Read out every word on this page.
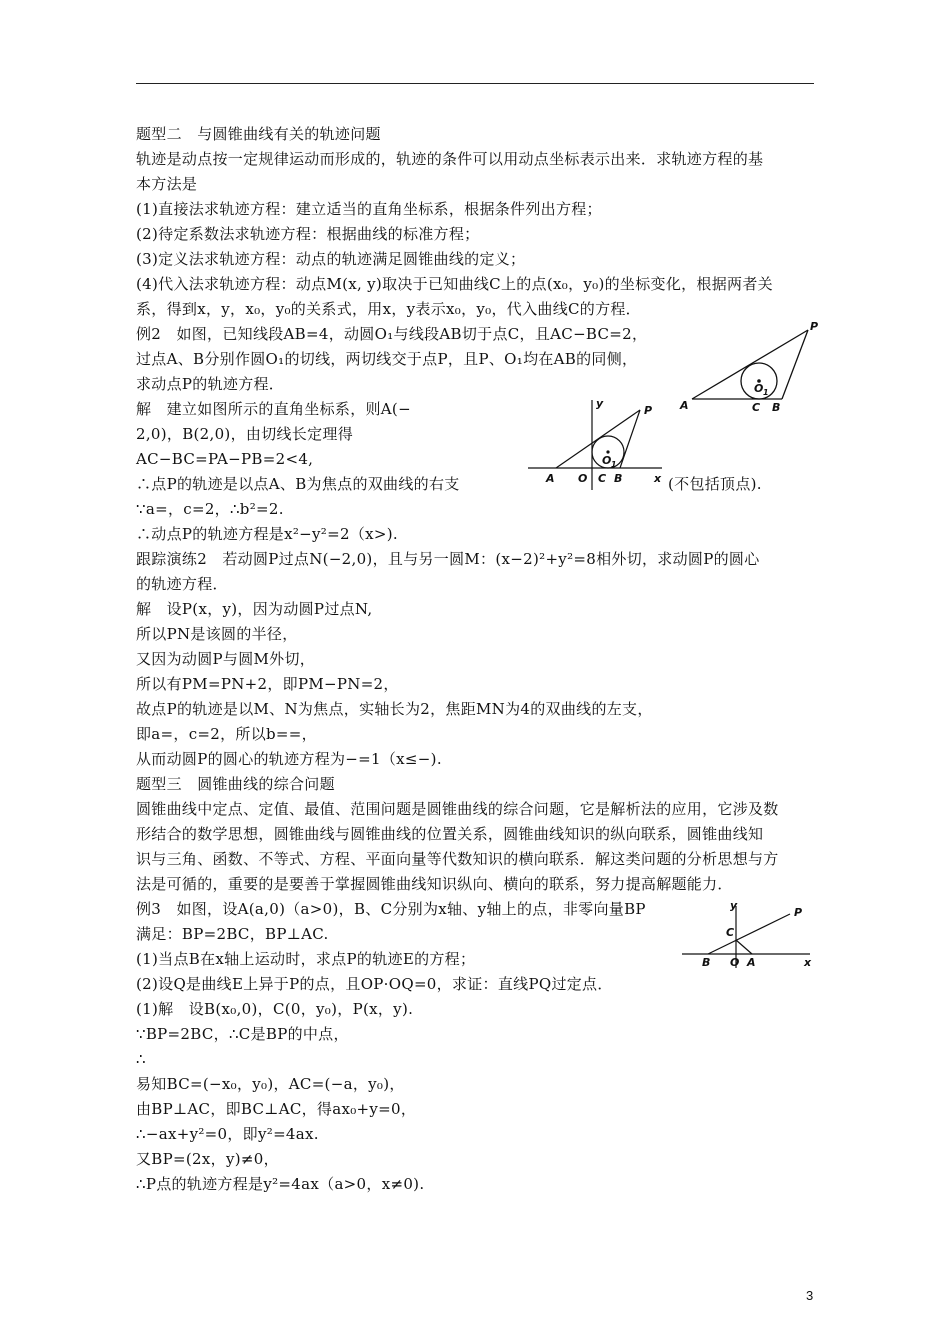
题型二　与圆锥曲线有关的轨迹问题
轨迹是动点按一定规律运动而形成的，轨迹的条件可以用动点坐标表示出来．求轨迹方程的基
本方法是
(1)直接法求轨迹方程：建立适当的直角坐标系，根据条件列出方程；
(2)待定系数法求轨迹方程：根据曲线的标准方程；
(3)定义法求轨迹方程：动点的轨迹满足圆锥曲线的定义；
(4)代入法求轨迹方程：动点M(x, y)取决于已知曲线C上的点(x₀，y₀)的坐标变化，根据两者关
系，得到x，y，x₀，y₀的关系式，用x，y表示x₀，y₀，代入曲线C的方程．
例2　如图，已知线段AB=4，动圆O₁与线段AB切于点C，且AC−BC=2，
过点A、B分别作圆O₁的切线，两切线交于点P，且P、O₁均在AB的同侧，
求动点P的轨迹方程．
解　建立如图所示的直角坐标系，则A(−
2,0)，B(2,0)，由切线长定理得
AC−BC=PA−PB=2<4,
∴点P的轨迹是以点A、B为焦点的双曲线的右支	(不包括顶点).
∵a=，c=2，∴b²=2.
∴动点P的轨迹方程是x²−y²=2（x>).
跟踪演练2　若动圆P过点N(−2,0)，且与另一圆M：(x−2)²+y²=8相外切，求动圆P的圆心
的轨迹方程．
解　设P(x，y)，因为动圆P过点N,
所以PN是该圆的半径，
又因为动圆P与圆M外切，
所以有PM=PN+2，即PM−PN=2，
故点P的轨迹是以M、N为焦点，实轴长为2，焦距MN为4的双曲线的左支，
即a=，c=2，所以b==，
从而动圆P的圆心的轨迹方程为−=1（x≤−).
题型三　圆锥曲线的综合问题
圆锥曲线中定点、定值、最值、范围问题是圆锥曲线的综合问题，它是解析法的应用，它涉及数
形结合的数学思想，圆锥曲线与圆锥曲线的位置关系，圆锥曲线知识的纵向联系，圆锥曲线知
识与三角、函数、不等式、方程、平面向量等代数知识的横向联系．解这类问题的分析思想与方
法是可循的，重要的是要善于掌握圆锥曲线知识纵向、横向的联系，努力提高解题能力．
例3　如图，设A(a,0)（a>0)，B、C分别为x轴、y轴上的点，非零向量BP
满足：BP=2BC，BP⊥AC.
(1)当点B在x轴上运动时，求点P的轨迹E的方程；
(2)设Q是曲线E上异于P的点，且OP·OQ=0，求证：直线PQ过定点．
(1)解　设B(x₀,0)，C(0，y₀)，P(x，y).
∵BP=2BC，∴C是BP的中点，
∴
易知BC=(−x₀，y₀)，AC=(−a，y₀)，
由BP⊥AC，即BC⊥AC，得ax₀+y=0，
∴−ax+y²=0，即y²=4ax.
又BP=(2x，y)≠0，
∴P点的轨迹方程是y²=4ax（a>0，x≠0).
P
A	C B
O 1
y
P
A O C B	x
O 1
y
P
C
B O A	x
3
